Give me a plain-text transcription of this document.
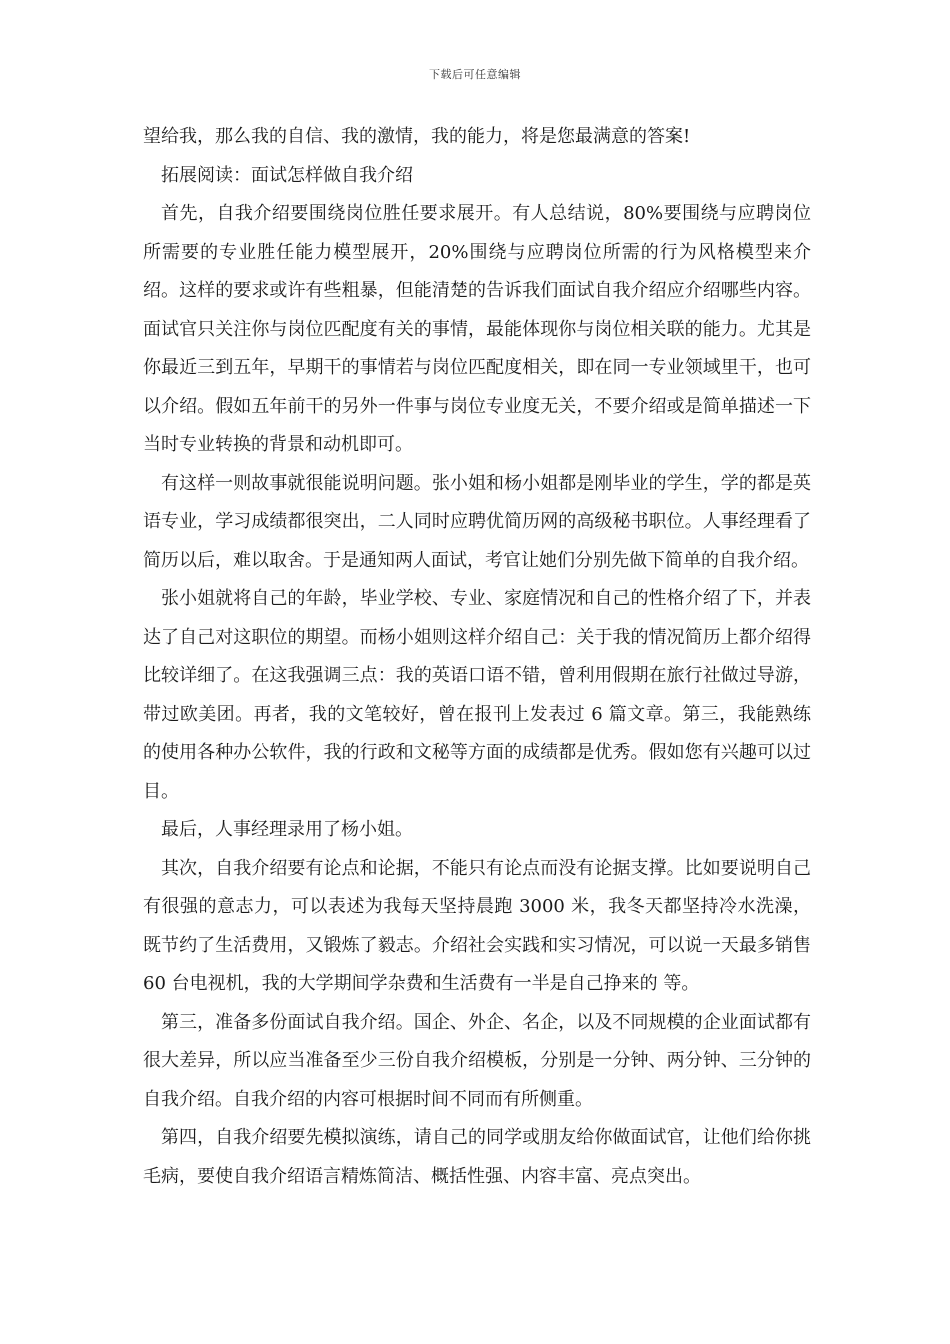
下载后可任意编辑

望给我，那么我的自信、我的激情，我的能力，将是您最满意的答案!

拓展阅读：面试怎样做自我介绍

首先，自我介绍要围绕岗位胜任要求展开。有人总结说，80%要围绕与应聘岗位所需要的专业胜任能力模型展开，20%围绕与应聘岗位所需的行为风格模型来介 绍。这样的要求或许有些粗暴，但能清楚的告诉我们面试自我介绍应介绍哪些内容。面试官只关注你与岗位匹配度有关的事情，最能体现你与岗位相关联的能力。尤其是你最近三到五年，早期干的事情若与岗位匹配度相关，即在同一专业领域里干，也可以介绍。假如五年前干的另外一件事与岗位专业度无关，不要介绍或是简单描述一下当时专业转换的背景和动机即可。

有这样一则故事就很能说明问题。张小姐和杨小姐都是刚毕业的学生，学的都是英语专业，学习成绩都很突出，二人同时应聘优简历网的高级秘书职位。人事经理看了简历以后，难以取舍。于是通知两人面试，考官让她们分别先做下简单的自我介绍。

张小姐就将自己的年龄，毕业学校、专业、家庭情况和自己的性格介绍了下，并表达了自己对这职位的期望。而杨小姐则这样介绍自己：关于我的情况简历上都介绍得比较详细了。在这我强调三点：我的英语口语不错，曾利用假期在旅行社做过导游，带过欧美团。再者，我的文笔较好，曾在报刊上发表过 6 篇文章。第三，我能熟练的使用各种办公软件，我的行政和文秘等方面的成绩都是优秀。假如您有兴趣可以过目。

最后，人事经理录用了杨小姐。

其次，自我介绍要有论点和论据，不能只有论点而没有论据支撑。比如要说明自己有很强的意志力，可以表述为我每天坚持晨跑 3000 米，我冬天都坚持冷水洗澡，既节约了生活费用，又锻炼了毅志。介绍社会实践和实习情况，可以说一天最多销售 60 台电视机，我的大学期间学杂费和生活费有一半是自己挣来的 等。

第三，准备多份面试自我介绍。国企、外企、名企，以及不同规模的企业面试都有很大差异，所以应当准备至少三份自我介绍模板，分别是一分钟、两分钟、三分钟的自我介绍。自我介绍的内容可根据时间不同而有所侧重。

第四，自我介绍要先模拟演练，请自己的同学或朋友给你做面试官，让他们给你挑毛病，要使自我介绍语言精炼简洁、概括性强、内容丰富、亮点突出。
